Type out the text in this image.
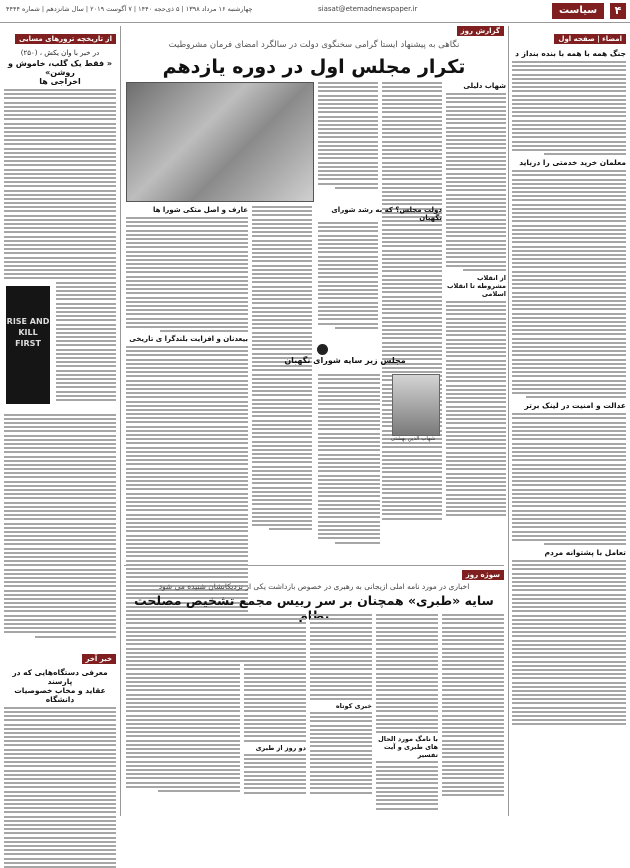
۴
سیاست
siasat@etemadnewspaper.ir
چهارشنبه ۱۶ مرداد ۱۳۹۸ | ۵ ذی‌حجه ۱۴۴۰ | ۷ آگوست ۲۰۱۹ | سال شانزدهم | شماره ۴۴۴۴
امضاء | صفحه اول
جنگ همه با همه با بنده‌ بنداز د
معلمان خرید خدمتی را درباید
عدالت و امنیت در لینک برتر
تعامل با پشتوانه مردم
گزارش روز
نگاهی به پیشنهاد ایستا گرامی سخنگوی دولت در سالگرد امضای فرمان مشروطیت
تکرار مجلس اول در دوره یازدهم
شهاب دلیلی
از انقلاب مشروطه تا انقلاب اسلامی
دولت مجلس؟ که به رشد شورای نگهبان
عارف و اصل متکی شورا ها
بیعدنان و افزایت بلندگرا ی تاریخی
مجلس زیر سایه شورای نگهبان
شهاب الدین بهشتی
از تاریخچه ترورهای مسایی
در خبر با وان یکش ، (۲۵۰)
« فقط یک گلب، خاموش و روشن»
اخراجی ها
RISE AND KILL FIRST
خبر آخر
معرفی دستگاه‌هایی که در پارسند
عقاید و مخاب خصوصیات دانشگاه
سوژه روز
اخباری در مورد نامه املی ازیجانی به رهبری در خصوص بازداشت یکی از نزدیکانشان شنیده می شود
سایه «طبری» همچنان بر سر رییس مجمع تشخیص مصلحت
با نامگ مورد الحال های طبری و آیت تفسیر
خبری کوتاه
دو روز از طبری
